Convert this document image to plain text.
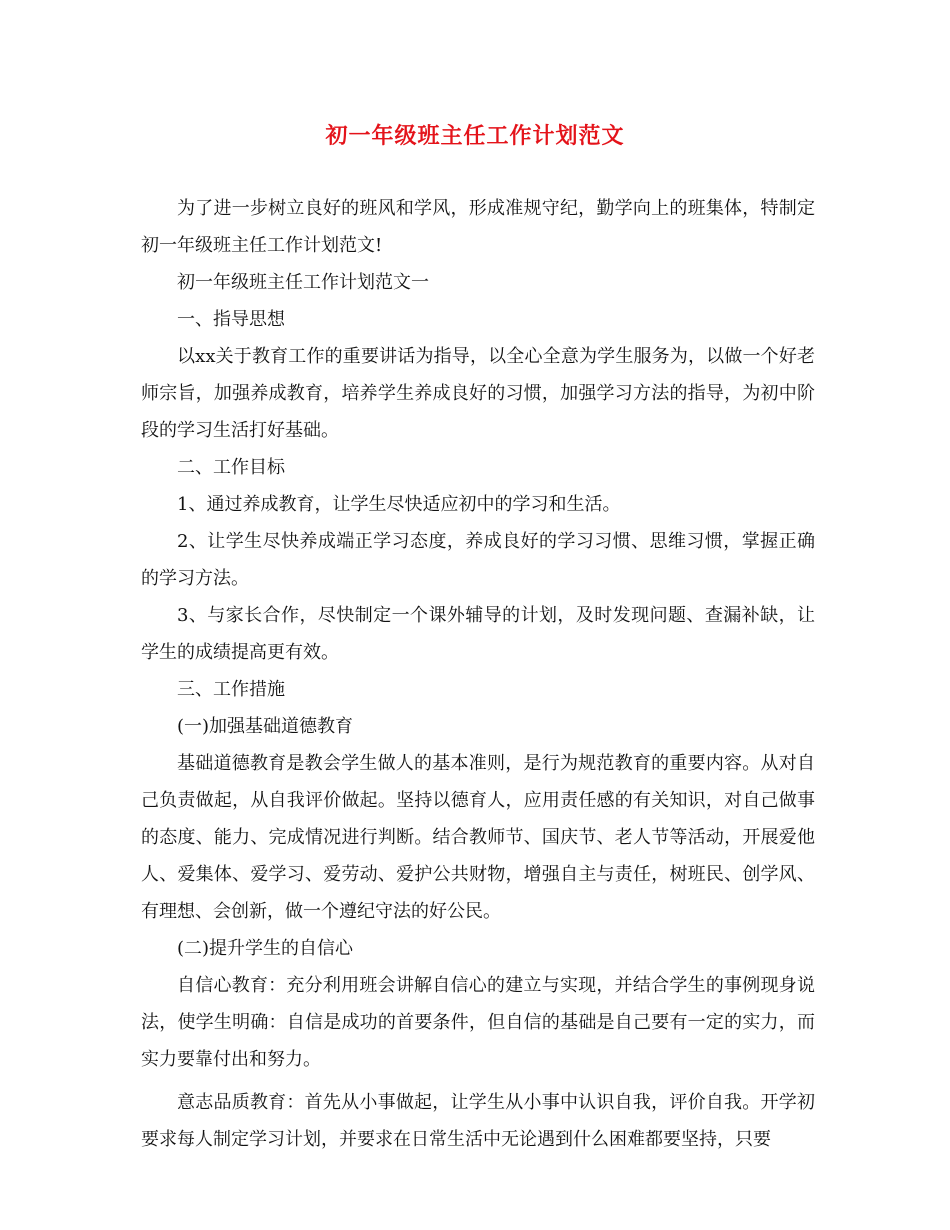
初一年级班主任工作计划范文

为了进一步树立良好的班风和学风，形成准规守纪，勤学向上的班集体，特制定　初一年级班主任工作计划范文!

初一年级班主任工作计划范文一

一、指导思想

以xx关于教育工作的重要讲话为指导，以全心全意为学生服务为，以做一个好老师宗旨，加强养成教育，培养学生养成良好的习惯，加强学习方法的指导，为初中阶段的学习生活打好基础。

二、工作目标

1、通过养成教育，让学生尽快适应初中的学习和生活。

2、让学生尽快养成端正学习态度，养成良好的学习习惯、思维习惯，掌握正确的学习方法。

3、与家长合作，尽快制定一个课外辅导的计划，及时发现问题、查漏补缺，让学生的成绩提高更有效。

三、工作措施

(一)加强基础道德教育

基础道德教育是教会学生做人的基本准则，是行为规范教育的重要内容。从对自己负责做起，从自我评价做起。坚持以德育人，应用责任感的有关知识，对自己做事的态度、能力、完成情况进行判断。结合教师节、国庆节、老人节等活动，开展爱他人、爱集体、爱学习、爱劳动、爱护公共财物，增强自主与责任，树班民、创学风、有理想、会创新，做一个遵纪守法的好公民。

(二)提升学生的自信心

自信心教育：充分利用班会讲解自信心的建立与实现，并结合学生的事例现身说法，使学生明确：自信是成功的首要条件，但自信的基础是自己要有一定的实力，而实力要靠付出和努力。

意志品质教育：首先从小事做起，让学生从小事中认识自我，评价自我。开学初要求每人制定学习计划，并要求在日常生活中无论遇到什么困难都要坚持，只要
